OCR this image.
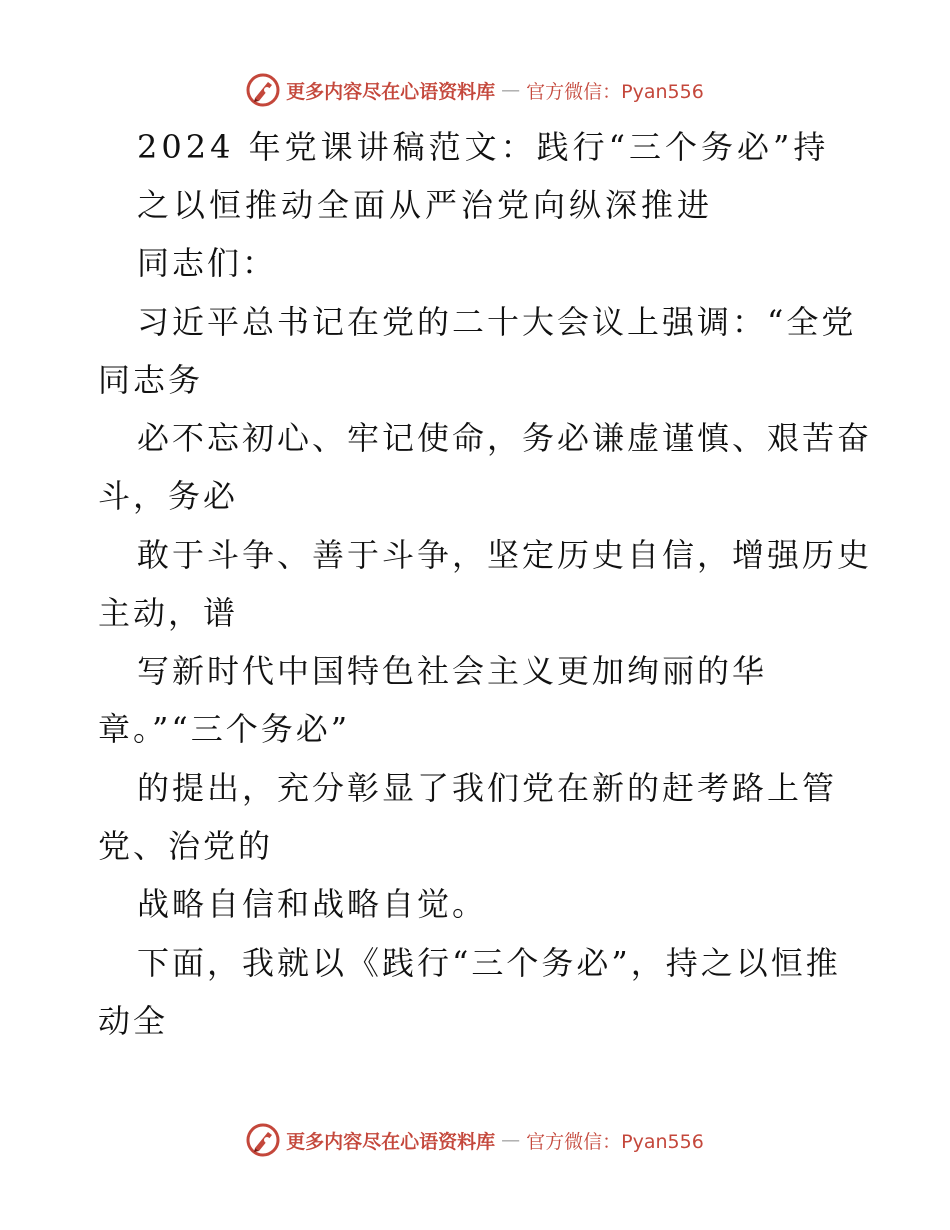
更多内容尽在心语资料库 — 官方微信：Pyan556
2024 年党课讲稿范文：践行“三个务必”持
之以恒推动全面从严治党向纵深推进
同志们：
习近平总书记在党的二十大会议上强调：“全党
同志务
必不忘初心、牢记使命，务必谦虚谨慎、艰苦奋
斗，务必
敢于斗争、善于斗争，坚定历史自信，增强历史
主动，谱
写新时代中国特色社会主义更加绚丽的华
章。”“三个务必”
的提出，充分彰显了我们党在新的赶考路上管
党、治党的
战略自信和战略自觉。
下面，我就以《践行“三个务必”，持之以恒推
动全
更多内容尽在心语资料库 — 官方微信：Pyan556
